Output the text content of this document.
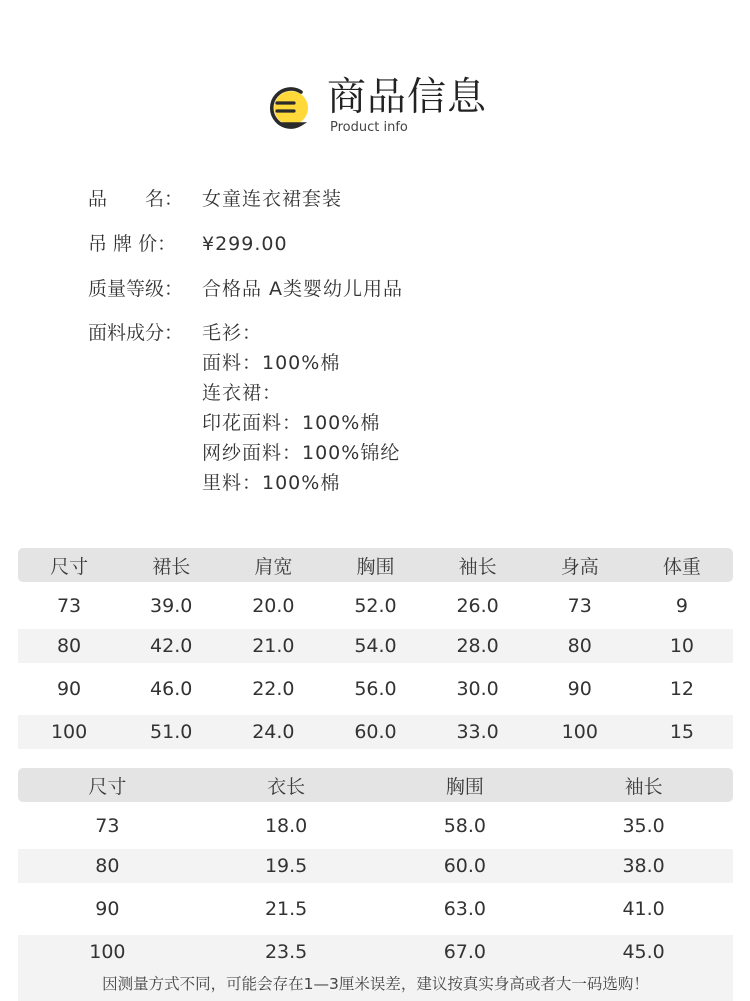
商品信息
Product info
品　　名： 女童连衣裙套装
吊 牌 价： ¥299.00
质量等级： 合格品 A类婴幼儿用品
面料成分： 毛衫：
面料：100%棉
连衣裙：
印花面料：100%棉
网纱面料：100%锦纶
里料：100%棉
尺寸	裙长	肩宽	胸围	袖长	身高	体重
73	39.0	20.0	52.0	26.0	73	9
80	42.0	21.0	54.0	28.0	80	10
90	46.0	22.0	56.0	30.0	90	12
100	51.0	24.0	60.0	33.0	100	15
尺寸	衣长	胸围	袖长
73	18.0	58.0	35.0
80	19.5	60.0	38.0
90	21.5	63.0	41.0
100	23.5	67.0	45.0
因测量方式不同，可能会存在1—3厘米误差，建议按真实身高或者大一码选购！
